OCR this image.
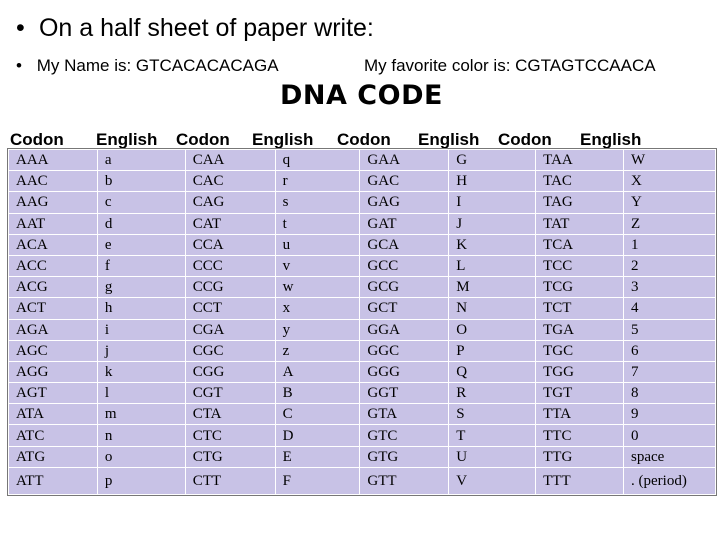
• On a half sheet of paper write:
• My Name is: GTCACACACAGA	My favorite color is: CGTAGTCCAACA
DNA CODE
Codon English Codon English Codon English Codon English
AAA	a	CAA	q	GAA	G	TAA	W
AAC	b	CAC	r	GAC	H	TAC	X
AAG	c	CAG	s	GAG	I	TAG	Y
AAT	d	CAT	t	GAT	J	TAT	Z
ACA	e	CCA	u	GCA	K	TCA	1
ACC	f	CCC	v	GCC	L	TCC	2
ACG	g	CCG	w	GCG	M	TCG	3
ACT	h	CCT	x	GCT	N	TCT	4
AGA	i	CGA	y	GGA	O	TGA	5
AGC	j	CGC	z	GGC	P	TGC	6
AGG	k	CGG	A	GGG	Q	TGG	7
AGT	l	CGT	B	GGT	R	TGT	8
ATA	m	CTA	C	GTA	S	TTA	9
ATC	n	CTC	D	GTC	T	TTC	0
ATG	o	CTG	E	GTG	U	TTG	space
ATT	p	CTT	F	GTT	V	TTT	. (period)
